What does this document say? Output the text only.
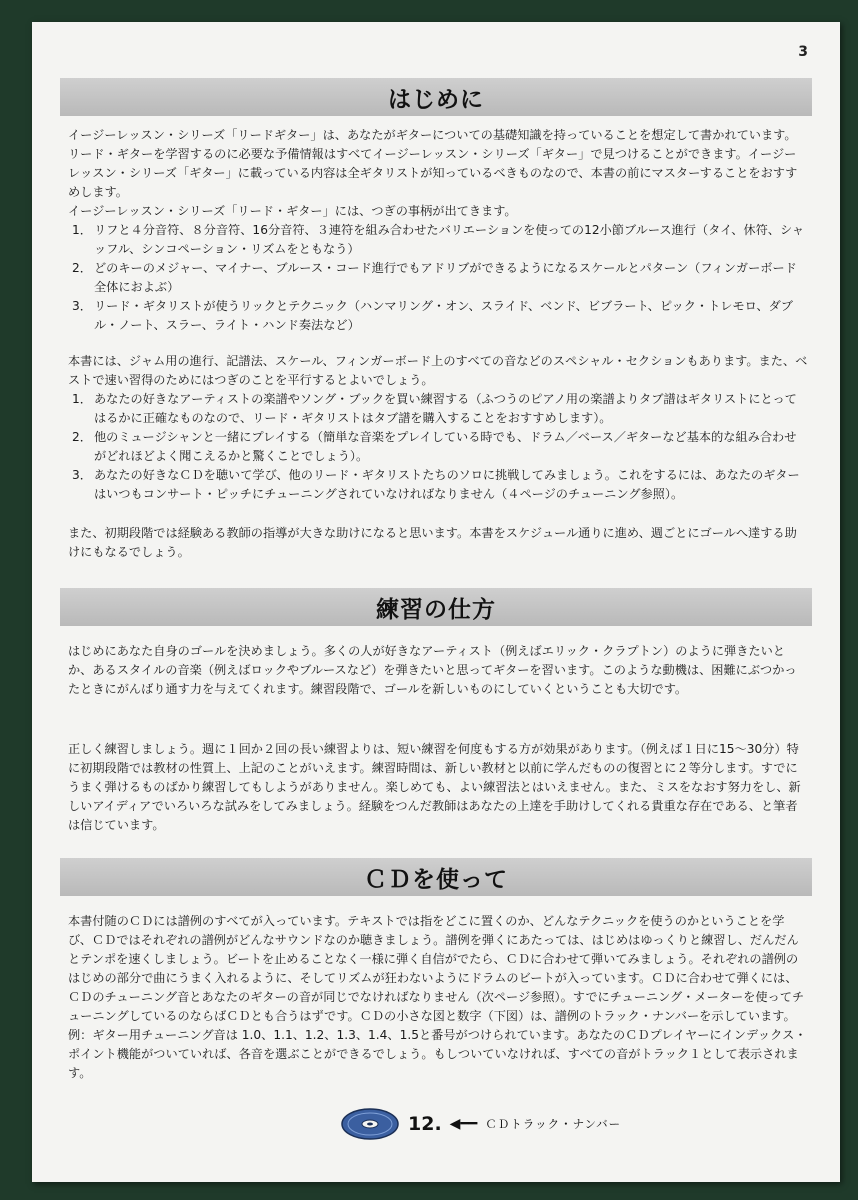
3
はじめに

イージーレッスン・シリーズ「リードギター」は、あなたがギターについての基礎知識を持っていることを想定して書かれています。リード・ギターを学習するのに必要な予備情報はすべてイージーレッスン・シリーズ「ギター」で見つけることができます。イージーレッスン・シリーズ「ギター」に載っている内容は全ギタリストが知っているべきものなので、本書の前にマスターすることをおすすめします。

イージーレッスン・シリーズ「リード・ギター」には、つぎの事柄が出てきます。

1． リフと４分音符、８分音符、16分音符、３連符を組み合わせたバリエーションを使っての12小節ブルース進行（タイ、休符、シャッフル、シンコペーション・リズムをともなう）
2． どのキーのメジャー、マイナー、ブルース・コード進行でもアドリブができるようになるスケールとパターン（フィンガーボード全体におよぶ）
3． リード・ギタリストが使うリックとテクニック（ハンマリング・オン、スライド、ベンド、ビブラート、ピック・トレモロ、ダブル・ノート、スラー、ライト・ハンド奏法など）

本書には、ジャム用の進行、記譜法、スケール、フィンガーボード上のすべての音などのスペシャル・セクションもあります。また、ベストで速い習得のためにはつぎのことを平行するとよいでしょう。

1． あなたの好きなアーティストの楽譜やソング・ブックを買い練習する（ふつうのピアノ用の楽譜よりタブ譜はギタリストにとってはるかに正確なものなので、リード・ギタリストはタブ譜を購入することをおすすめします）。
2． 他のミュージシャンと一緒にプレイする（簡単な音楽をプレイしている時でも、ドラム／ベース／ギターなど基本的な組み合わせがどれほどよく聞こえるかと驚くことでしょう）。
3． あなたの好きなＣＤを聴いて学び、他のリード・ギタリストたちのソロに挑戦してみましょう。これをするには、あなたのギターはいつもコンサート・ピッチにチューニングされていなければなりません（４ページのチューニング参照）。

また、初期段階では経験ある教師の指導が大きな助けになると思います。本書をスケジュール通りに進め、週ごとにゴールへ達する助けにもなるでしょう。

練習の仕方

はじめにあなた自身のゴールを決めましょう。多くの人が好きなアーティスト（例えばエリック・クラプトン）のように弾きたいとか、あるスタイルの音楽（例えばロックやブルースなど）を弾きたいと思ってギターを習います。このような動機は、困難にぶつかったときにがんばり通す力を与えてくれます。練習段階で、ゴールを新しいものにしていくということも大切です。

正しく練習しましょう。週に１回か２回の長い練習よりは、短い練習を何度もする方が効果があります。（例えば１日に15～30分）特に初期段階では教材の性質上、上記のことがいえます。練習時間は、新しい教材と以前に学んだものの復習とに２等分します。すでにうまく弾けるものばかり練習してもしようがありません。楽しめても、よい練習法とはいえません。また、ミスをなおす努力をし、新しいアイディアでいろいろな試みをしてみましょう。経験をつんだ教師はあなたの上達を手助けしてくれる貴重な存在である、と筆者は信じています。

ＣＤを使って

本書付随のＣＤには譜例のすべてが入っています。テキストでは指をどこに置くのか、どんなテクニックを使うのかということを学び、ＣＤではそれぞれの譜例がどんなサウンドなのか聴きましょう。譜例を弾くにあたっては、はじめはゆっくりと練習し、だんだんとテンポを速くしましょう。ビートを止めることなく一様に弾く自信がでたら、ＣＤに合わせて弾いてみましょう。それぞれの譜例のはじめの部分で曲にうまく入れるように、そしてリズムが狂わないようにドラムのビートが入っています。ＣＤに合わせて弾くには、ＣＤのチューニング音とあなたのギターの音が同じでなければなりません（次ページ参照）。すでにチューニング・メーターを使ってチューニングしているのならばＣＤとも合うはずです。ＣＤの小さな図と数字（下図）は、譜例のトラック・ナンバーを示しています。例：ギター用チューニング音は 1.0、1.1、1.2、1.3、1.4、1.5と番号がつけられています。あなたのＣＤプレイヤーにインデックス・ポイント機能がついていれば、各音を選ぶことができるでしょう。もしついていなければ、すべての音がトラック１として表示されます。

12. ◀━━ ＣＤトラック・ナンバー
